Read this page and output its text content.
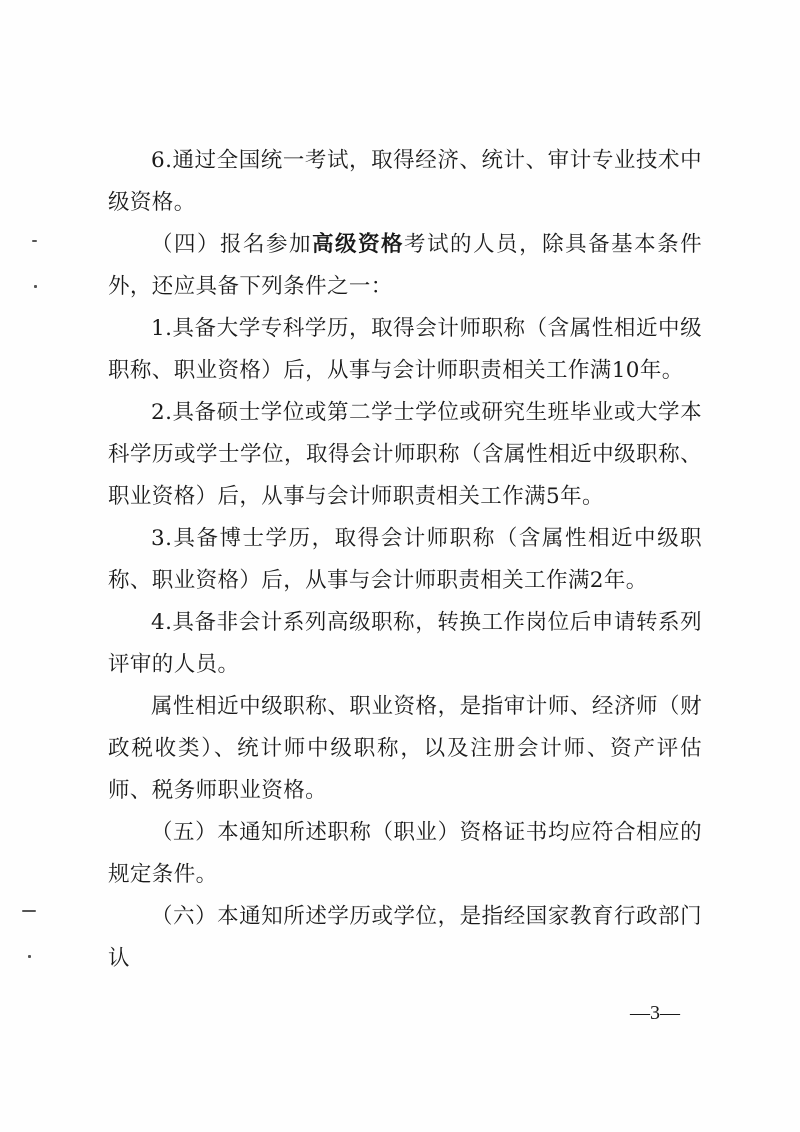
6.通过全国统一考试，取得经济、统计、审计专业技术中级资格。

（四）报名参加高级资格考试的人员，除具备基本条件外，还应具备下列条件之一：

1.具备大学专科学历，取得会计师职称（含属性相近中级职称、职业资格）后，从事与会计师职责相关工作满10年。

2.具备硕士学位或第二学士学位或研究生班毕业或大学本科学历或学士学位，取得会计师职称（含属性相近中级职称、职业资格）后，从事与会计师职责相关工作满5年。

3.具备博士学历，取得会计师职称（含属性相近中级职称、职业资格）后，从事与会计师职责相关工作满2年。

4.具备非会计系列高级职称，转换工作岗位后申请转系列评审的人员。

属性相近中级职称、职业资格，是指审计师、经济师（财政税收类）、统计师中级职称，以及注册会计师、资产评估师、税务师职业资格。

（五）本通知所述职称（职业）资格证书均应符合相应的规定条件。

（六）本通知所述学历或学位，是指经国家教育行政部门认

—3—
